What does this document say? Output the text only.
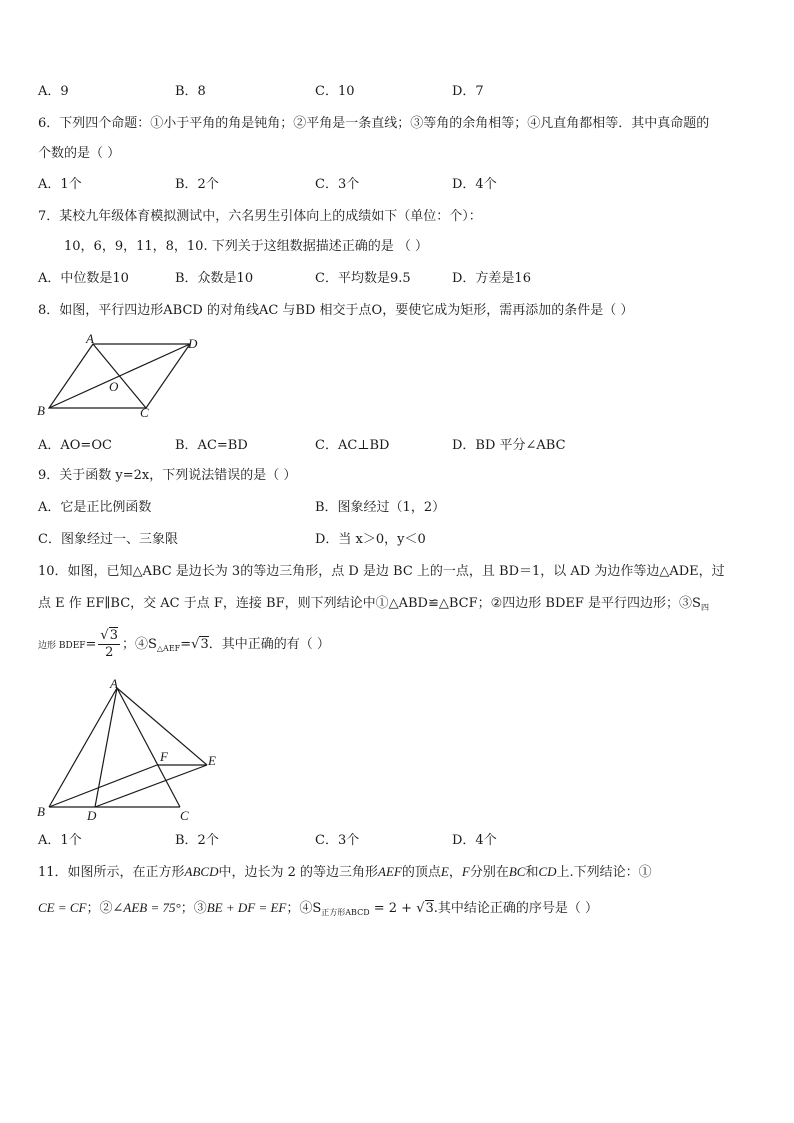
A．9	B．8	C．10	D．7
6．下列四个命题：①小于平角的角是钝角；②平角是一条直线；③等角的余角相等；④凡直角都相等．其中真命题的
个数的是（ ）
A．1个	B．2个	C．3个	D．4个
7．某校九年级体育模拟测试中，六名男生引体向上的成绩如下（单位：个）：
10，6，9，11，8，10. 下列关于这组数据描述正确的是 （ ）
A．中位数是10	B．众数是10	C．平均数是9.5	D．方差是16
8．如图，平行四边形ABCD 的对角线AC 与BD 相交于点O，要使它成为矩形，需再添加的条件是（ ）
A	D
O
B	C
A．AO=OC	B．AC=BD	C．AC⊥BD	D．BD 平分∠ABC
9．关于函数 y=2x，下列说法错误的是（ ）
A．它是正比例函数	B．图象经过（1，2）
C．图象经过一、三象限	D．当 x＞0，y＜0
10．如图，已知△ABC 是边长为 3的等边三角形，点 D 是边 BC 上的一点，且 BD＝1，以 AD 为边作等边△ADE，过
点 E 作 EF∥BC，交 AC 于点 F，连接 BF，则下列结论中①△ABD≌△BCF；②四边形 BDEF 是平行四边形；$③S_四$
边形 BDEF= $\frac{√3}{2}$ ；$④S_{\triangle AEF}=√3$．其中正确的有（ ）
A
F	E
B	D	C
A．1个	B．2个	C．3个	D．4个
11．如图所示，在正方形ABCD中，边长为 2 的等边三角形AEF的顶点E，F分别在BC和CD上.下列结论：①
CE = CF；②∠AEB = 75°；③BE + DF = EF；$④S_{正方形ABCD} = 2 + √3$.其中结论正确的序号是（ ）
